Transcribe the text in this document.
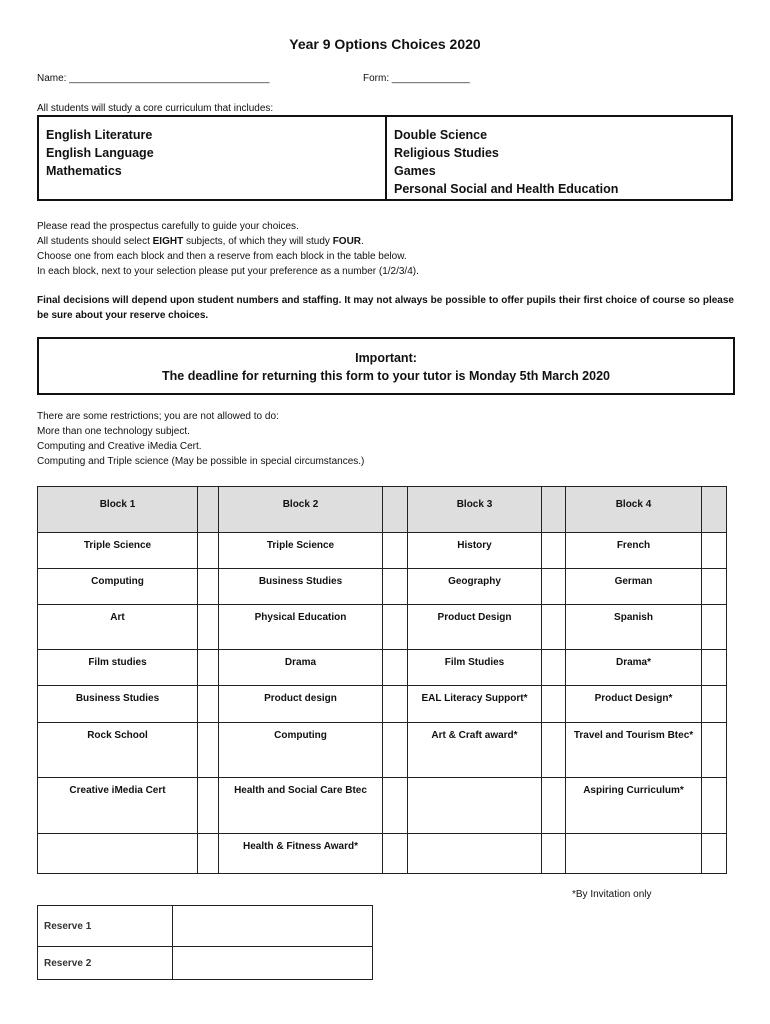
Year 9 Options Choices 2020
Name: ____________________________________	Form: ______________
All students will study a core curriculum that includes:
English Literature
English Language
Mathematics
Double Science
Religious Studies
Games
Personal Social and Health Education
Please read the prospectus carefully to guide your choices.
All students should select EIGHT subjects, of which they will study FOUR.
Choose one from each block and then a reserve from each block in the table below.
In each block, next to your selection please put your preference as a number (1/2/3/4).
Final decisions will depend upon student numbers and staffing. It may not always be possible to offer pupils their first choice of course so please be sure about your reserve choices.
Important:
The deadline for returning this form to your tutor is Monday 5th March 2020
There are some restrictions; you are not allowed to do:
More than one technology subject.
Computing and Creative iMedia Cert.
Computing and Triple science (May be possible in special circumstances.)
Block 1		Block 2		Block 3		Block 4	
Triple Science		Triple Science		History		French	
Computing		Business Studies		Geography		German	
Art		Physical Education		Product Design		Spanish	
Film studies		Drama		Film Studies		Drama*	
Business Studies		Product design		EAL Literacy Support*		Product Design*	
Rock School		Computing		Art & Craft award*		Travel and Tourism Btec*	
Creative iMedia Cert		Health and Social Care Btec				Aspiring Curriculum*	
		Health & Fitness Award*					
*By Invitation only
Reserve 1	
Reserve 2	
